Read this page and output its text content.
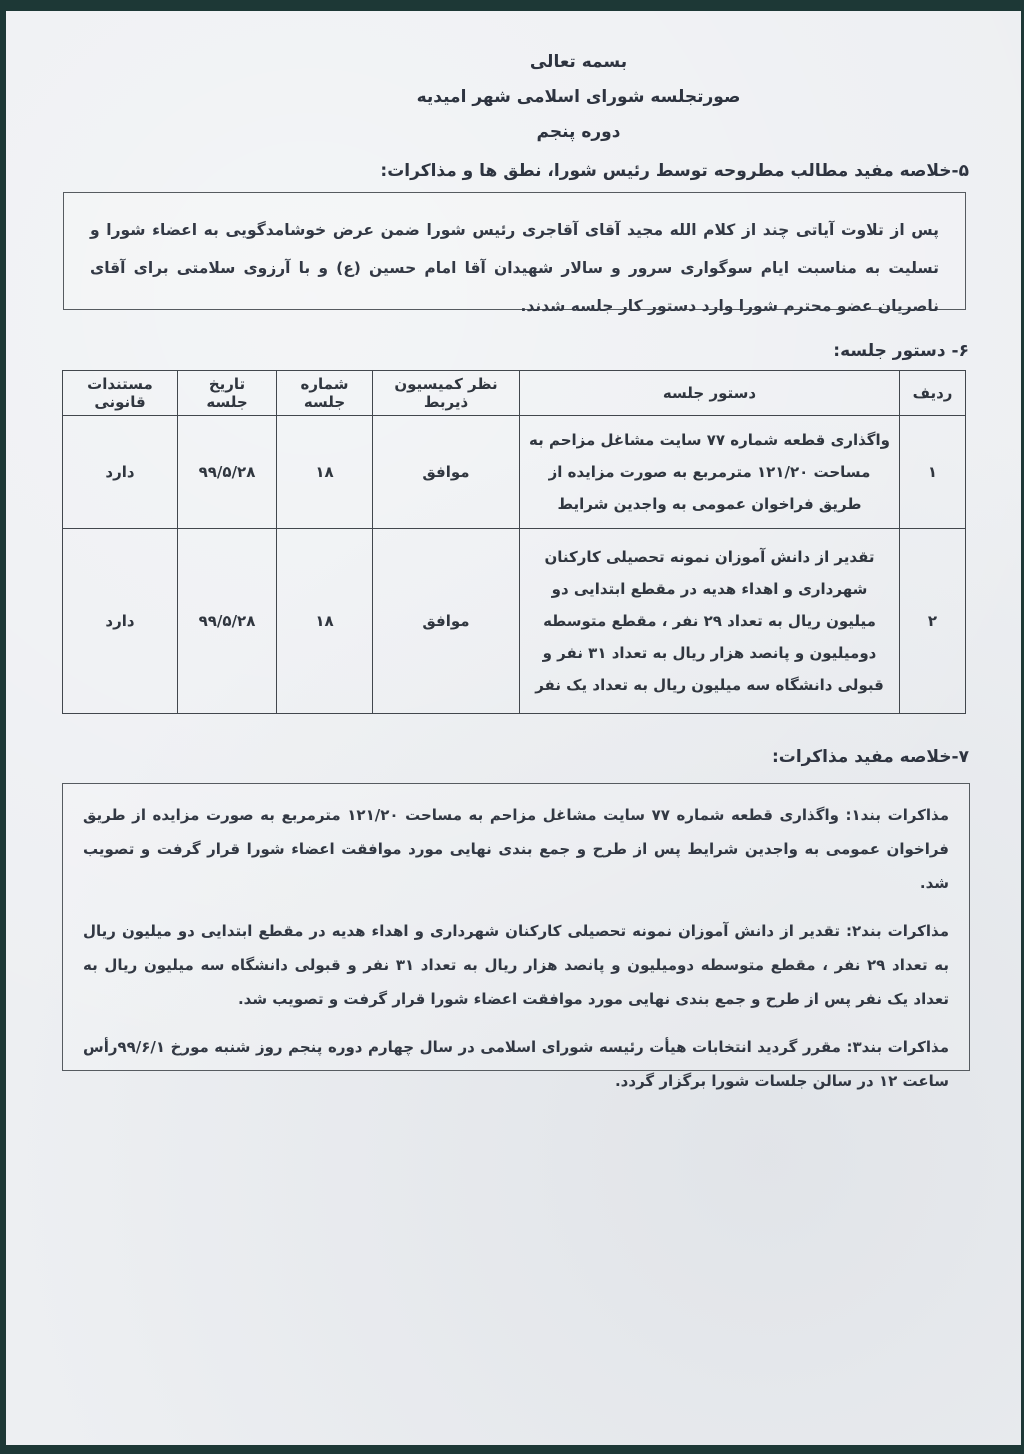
بسمه تعالی
صورتجلسه شورای اسلامی شهر امیدیه
دوره پنجم
۵-خلاصه مفید مطالب مطروحه توسط رئیس شورا، نطق ها و مذاکرات:

پس از تلاوت آیاتی چند از کلام الله مجید آقای آقاجری رئیس شورا ضمن عرض خوشامدگویی به اعضاء شورا و تسلیت به مناسبت ایام سوگواری سرور و سالار شهیدان آقا امام حسین (ع) و با آرزوی سلامتی برای آقای ناصریان عضو محترم شورا وارد دستور کار جلسه شدند.

۶- دستور جلسه:
ردیف	دستور جلسه	نظر کمیسیون ذیربط	شماره جلسه	تاریخ جلسه	مستندات قانونی
۱	واگذاری قطعه شماره ۷۷ سایت مشاغل مزاحم به مساحت ۱۲۱/۲۰ مترمربع به صورت مزایده از طریق فراخوان عمومی به واجدین شرایط	موافق	۱۸	۹۹/۵/۲۸	دارد
۲	تقدیر از دانش آموزان نمونه تحصیلی کارکنان شهرداری و اهداء هدیه در مقطع ابتدایی دو میلیون ریال به تعداد ۲۹ نفر ، مقطع متوسطه دومیلیون و پانصد هزار ریال به تعداد ۳۱ نفر و قبولی دانشگاه سه میلیون ریال به تعداد یک نفر	موافق	۱۸	۹۹/۵/۲۸	دارد
۷-خلاصه مفید مذاکرات:

مذاکرات بند۱: واگذاری قطعه شماره ۷۷ سایت مشاغل مزاحم به مساحت ۱۲۱/۲۰ مترمربع به صورت مزایده از طریق فراخوان عمومی به واجدین شرایط پس از طرح و جمع بندی نهایی مورد موافقت اعضاء شورا قرار گرفت و تصویب شد.

مذاکرات بند۲: تقدیر از دانش آموزان نمونه تحصیلی کارکنان شهرداری و اهداء هدیه در مقطع ابتدایی دو میلیون ریال به تعداد ۲۹ نفر ، مقطع متوسطه دومیلیون و پانصد هزار ریال به تعداد ۳۱ نفر و قبولی دانشگاه سه میلیون ریال به تعداد یک نفر پس از طرح و جمع بندی نهایی مورد موافقت اعضاء شورا قرار گرفت و تصویب شد.

مذاکرات بند۳: مقرر گردید انتخابات هیأت رئیسه شورای اسلامی در سال چهارم دوره پنجم روز شنبه مورخ ۹۹/۶/۱رأس ساعت ۱۲ در سالن جلسات شورا برگزار گردد.
